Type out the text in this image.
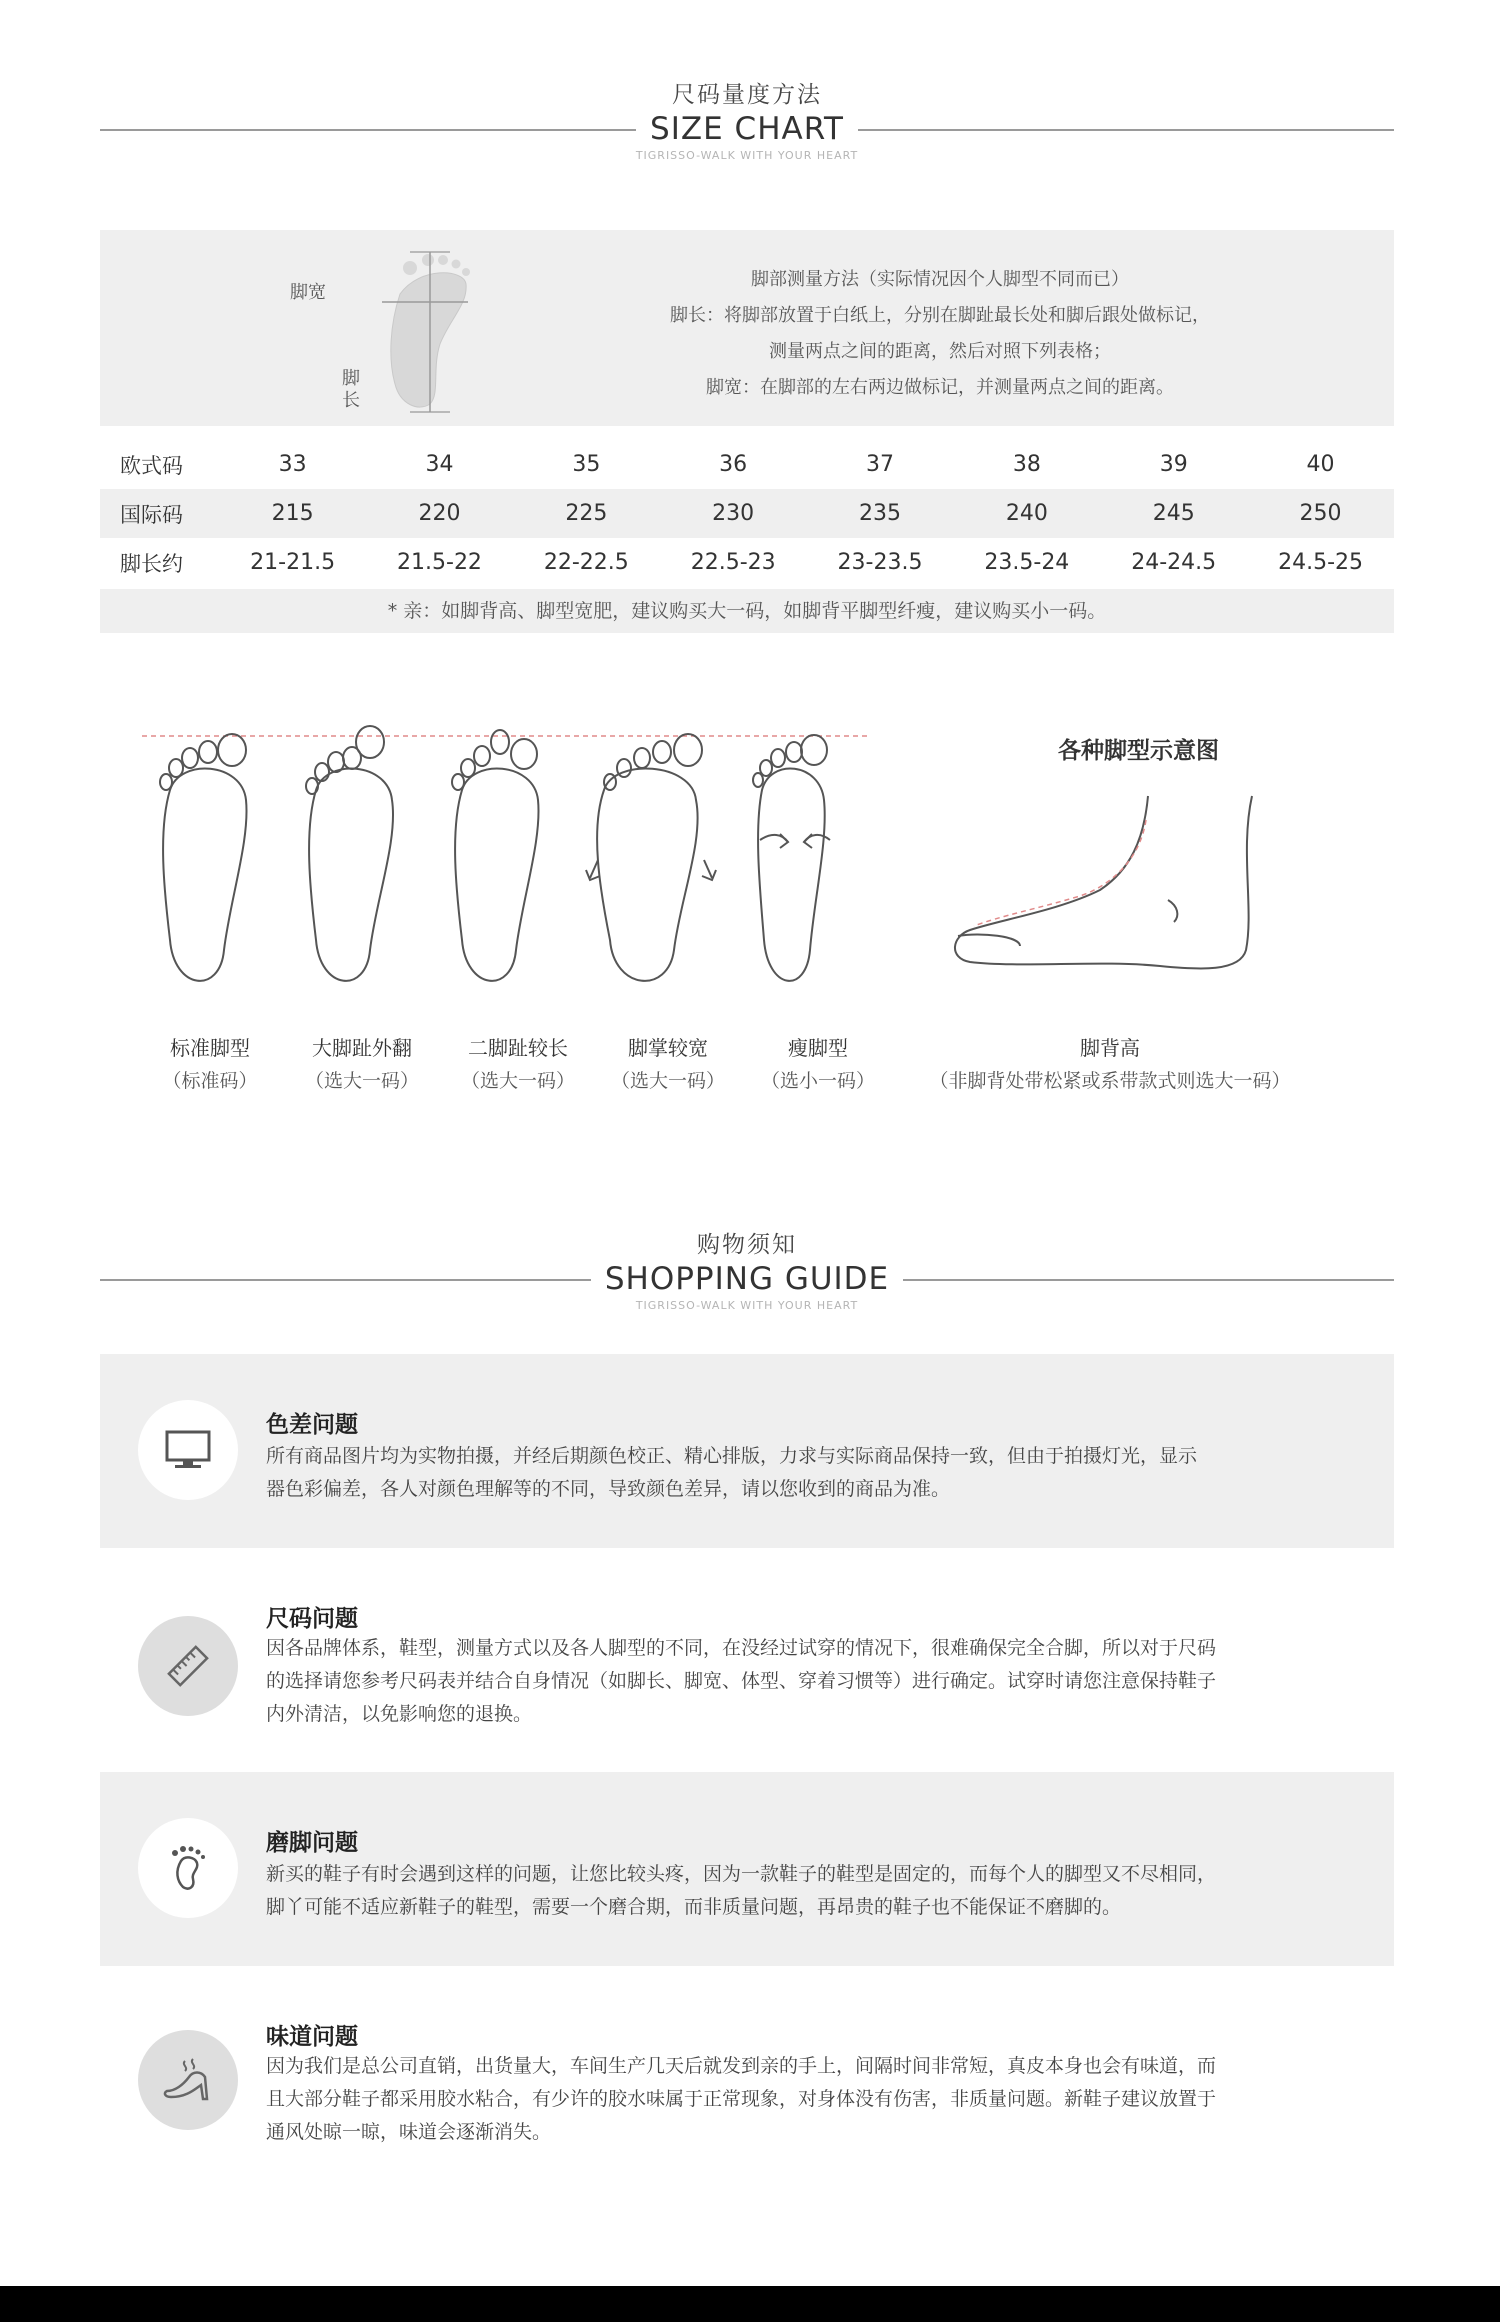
尺码量度方法
SIZE CHART
TIGRISSO-WALK WITH YOUR HEART
脚宽
脚
长
脚部测量方法（实际情况因个人脚型不同而已）
脚长：将脚部放置于白纸上，分别在脚趾最长处和脚后跟处做标记，
测量两点之间的距离，然后对照下列表格；
脚宽：在脚部的左右两边做标记，并测量两点之间的距离。
欧式码	33	34	35	36	37	38	39	40
国际码	215	220	225	230	235	240	245	250
脚长约	21-21.5	21.5-22	22-22.5	22.5-23	23-23.5	23.5-24	24-24.5	24.5-25
* 亲：如脚背高、脚型宽肥，建议购买大一码，如脚背平脚型纤瘦，建议购买小一码。
各种脚型示意图
标准脚型
（标准码）
大脚趾外翻
（选大一码）
二脚趾较长
（选大一码）
脚掌较宽
（选大一码）
瘦脚型
（选小一码）
脚背高
（非脚背处带松紧或系带款式则选大一码）
购物须知
SHOPPING GUIDE
TIGRISSO-WALK WITH YOUR HEART
色差问题
所有商品图片均为实物拍摄，并经后期颜色校正、精心排版，力求与实际商品保持一致，但由于拍摄灯光，显示
器色彩偏差，各人对颜色理解等的不同，导致颜色差异，请以您收到的商品为准。
尺码问题
因各品牌体系，鞋型，测量方式以及各人脚型的不同，在没经过试穿的情况下，很难确保完全合脚，所以对于尺码
的选择请您参考尺码表并结合自身情况（如脚长、脚宽、体型、穿着习惯等）进行确定。试穿时请您注意保持鞋子
内外清洁，以免影响您的退换。
磨脚问题
新买的鞋子有时会遇到这样的问题，让您比较头疼，因为一款鞋子的鞋型是固定的，而每个人的脚型又不尽相同，
脚丫可能不适应新鞋子的鞋型，需要一个磨合期，而非质量问题，再昂贵的鞋子也不能保证不磨脚的。
味道问题
因为我们是总公司直销，出货量大，车间生产几天后就发到亲的手上，间隔时间非常短，真皮本身也会有味道，而
且大部分鞋子都采用胶水粘合，有少许的胶水味属于正常现象，对身体没有伤害，非质量问题。新鞋子建议放置于
通风处晾一晾，味道会逐渐消失。
